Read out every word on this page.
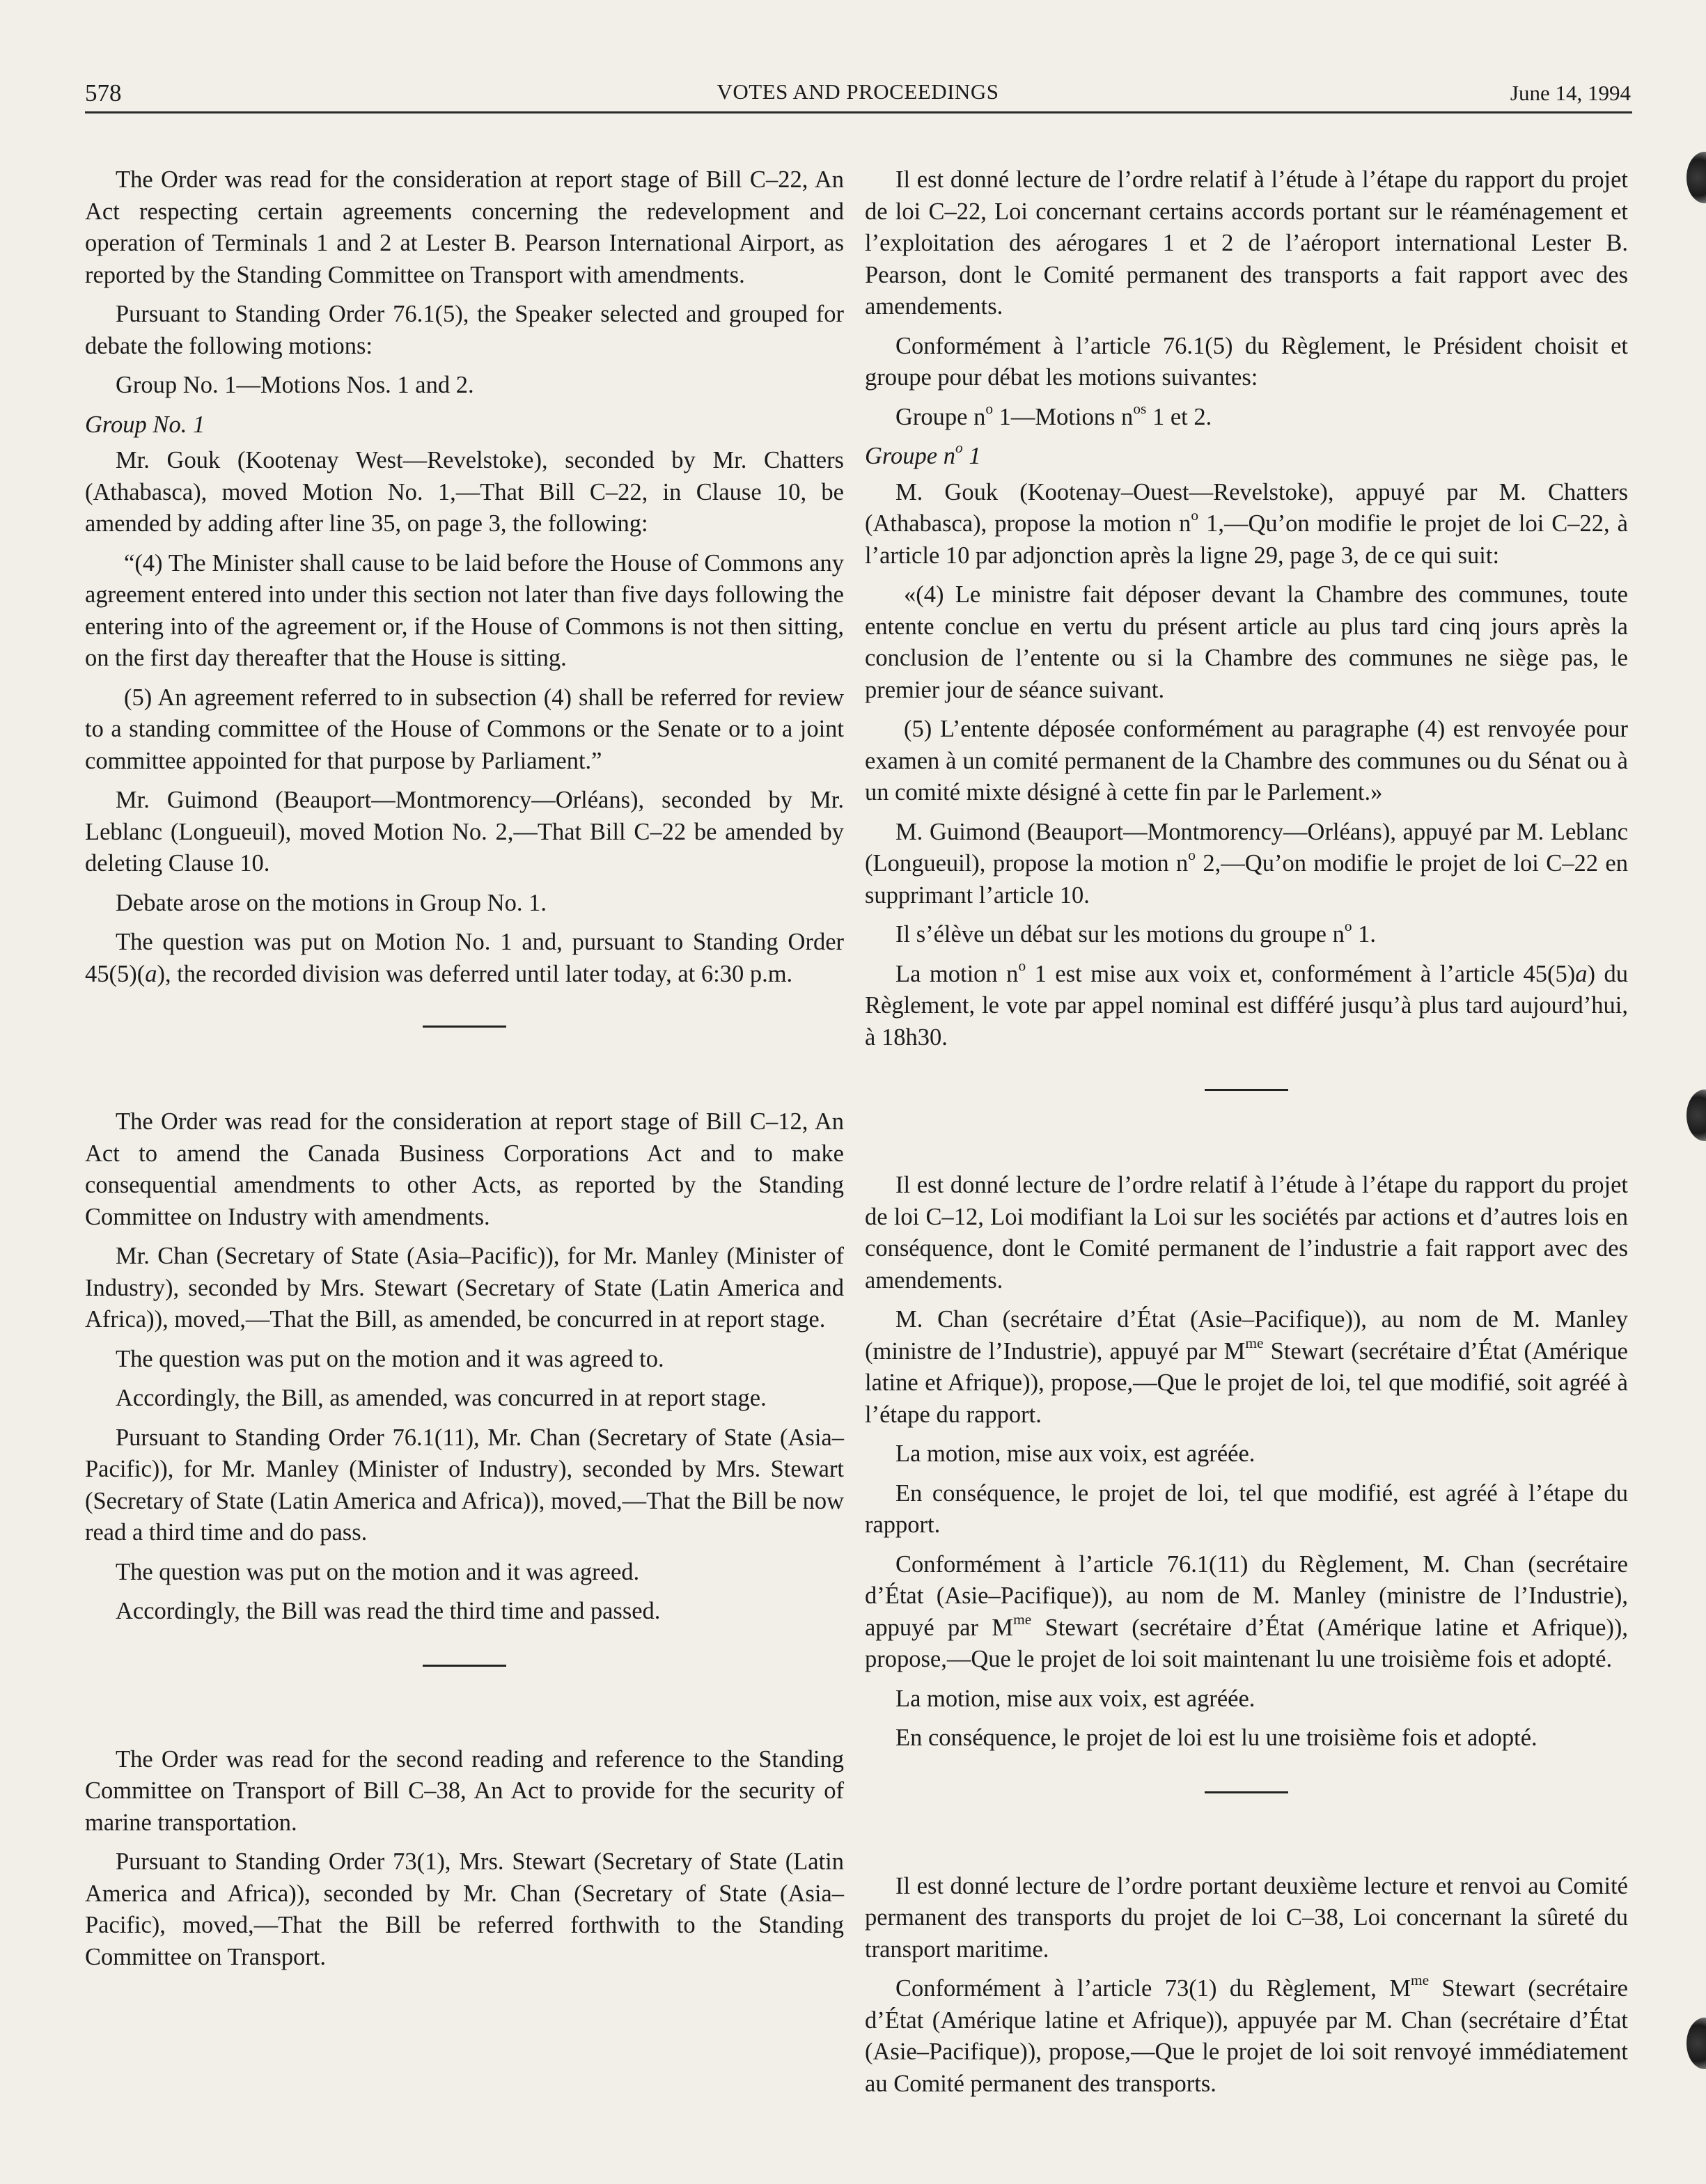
578	VOTES AND PROCEEDINGS	June 14, 1994

The Order was read for the consideration at report stage of Bill C–22, An Act respecting certain agreements concerning the redevelopment and operation of Terminals 1 and 2 at Lester B. Pearson International Airport, as reported by the Standing Committee on Transport with amendments.

Pursuant to Standing Order 76.1(5), the Speaker selected and grouped for debate the following motions:

Group No. 1—Motions Nos. 1 and 2.

Group No. 1

Mr. Gouk (Kootenay West—Revelstoke), seconded by Mr. Chatters (Athabasca), moved Motion No. 1,—That Bill C–22, in Clause 10, be amended by adding after line 35, on page 3, the following:

“(4) The Minister shall cause to be laid before the House of Commons any agreement entered into under this section not later than five days following the entering into of the agreement or, if the House of Commons is not then sitting, on the first day thereafter that the House is sitting.

(5) An agreement referred to in subsection (4) shall be referred for review to a standing committee of the House of Commons or the Senate or to a joint committee appointed for that purpose by Parliament.”

Mr. Guimond (Beauport—Montmorency—Orléans), seconded by Mr. Leblanc (Longueuil), moved Motion No. 2,—That Bill C–22 be amended by deleting Clause 10.

Debate arose on the motions in Group No. 1.

The question was put on Motion No. 1 and, pursuant to Standing Order 45(5)(a), the recorded division was deferred until later today, at 6:30 p.m.

The Order was read for the consideration at report stage of Bill C–12, An Act to amend the Canada Business Corporations Act and to make consequential amendments to other Acts, as reported by the Standing Committee on Industry with amendments.

Mr. Chan (Secretary of State (Asia–Pacific)), for Mr. Manley (Minister of Industry), seconded by Mrs. Stewart (Secretary of State (Latin America and Africa)), moved,—That the Bill, as amended, be concurred in at report stage.

The question was put on the motion and it was agreed to.

Accordingly, the Bill, as amended, was concurred in at report stage.

Pursuant to Standing Order 76.1(11), Mr. Chan (Secretary of State (Asia–Pacific)), for Mr. Manley (Minister of Industry), seconded by Mrs. Stewart (Secretary of State (Latin America and Africa)), moved,—That the Bill be now read a third time and do pass.

The question was put on the motion and it was agreed.

Accordingly, the Bill was read the third time and passed.

The Order was read for the second reading and reference to the Standing Committee on Transport of Bill C–38, An Act to provide for the security of marine transportation.

Pursuant to Standing Order 73(1), Mrs. Stewart (Secretary of State (Latin America and Africa)), seconded by Mr. Chan (Secretary of State (Asia–Pacific), moved,—That the Bill be referred forthwith to the Standing Committee on Transport.

Il est donné lecture de l’ordre relatif à l’étude à l’étape du rapport du projet de loi C–22, Loi concernant certains accords portant sur le réaménagement et l’exploitation des aérogares 1 et 2 de l’aéroport international Lester B. Pearson, dont le Comité permanent des transports a fait rapport avec des amendements.

Conformément à l’article 76.1(5) du Règlement, le Président choisit et groupe pour débat les motions suivantes:

Groupe $n^o$ 1—Motions $n^{os}$ 1 et 2.

Groupe $n^o$ 1

M. Gouk (Kootenay–Ouest—Revelstoke), appuyé par M. Chatters (Athabasca), propose la motion $n^o$ 1,—Qu’on modifie le projet de loi C–22, à l’article 10 par adjonction après la ligne 29, page 3, de ce qui suit:

«(4) Le ministre fait déposer devant la Chambre des communes, toute entente conclue en vertu du présent article au plus tard cinq jours après la conclusion de l’entente ou si la Chambre des communes ne siège pas, le premier jour de séance suivant.

(5) L’entente déposée conformément au paragraphe (4) est renvoyée pour examen à un comité permanent de la Chambre des communes ou du Sénat ou à un comité mixte désigné à cette fin par le Parlement.»

M. Guimond (Beauport—Montmorency—Orléans), appuyé par M. Leblanc (Longueuil), propose la motion $n^o$ 2,—Qu’on modifie le projet de loi C–22 en supprimant l’article 10.

Il s’élève un débat sur les motions du groupe $n^o$ 1.

La motion $n^o$ 1 est mise aux voix et, conformément à l’article 45(5)a) du Règlement, le vote par appel nominal est différé jusqu’à plus tard aujourd’hui, à 18h30.

Il est donné lecture de l’ordre relatif à l’étude à l’étape du rapport du projet de loi C–12, Loi modifiant la Loi sur les sociétés par actions et d’autres lois en conséquence, dont le Comité permanent de l’industrie a fait rapport avec des amendements.

M. Chan (secrétaire d’État (Asie–Pacifique)), au nom de M. Manley (ministre de l’Industrie), appuyé par $M^{me}$ Stewart (secrétaire d’État (Amérique latine et Afrique)), propose,—Que le projet de loi, tel que modifié, soit agréé à l’étape du rapport.

La motion, mise aux voix, est agréée.

En conséquence, le projet de loi, tel que modifié, est agréé à l’étape du rapport.

Conformément à l’article 76.1(11) du Règlement, M. Chan (secrétaire d’État (Asie–Pacifique)), au nom de M. Manley (ministre de l’Industrie), appuyé par $M^{me}$ Stewart (secrétaire d’État (Amérique latine et Afrique)), propose,—Que le projet de loi soit maintenant lu une troisième fois et adopté.

La motion, mise aux voix, est agréée.

En conséquence, le projet de loi est lu une troisième fois et adopté.

Il est donné lecture de l’ordre portant deuxième lecture et renvoi au Comité permanent des transports du projet de loi C–38, Loi concernant la sûreté du transport maritime.

Conformément à l’article 73(1) du Règlement, $M^{me}$ Stewart (secrétaire d’État (Amérique latine et Afrique)), appuyée par M. Chan (secrétaire d’État (Asie–Pacifique)), propose,—Que le projet de loi soit renvoyé immédiatement au Comité permanent des transports.
